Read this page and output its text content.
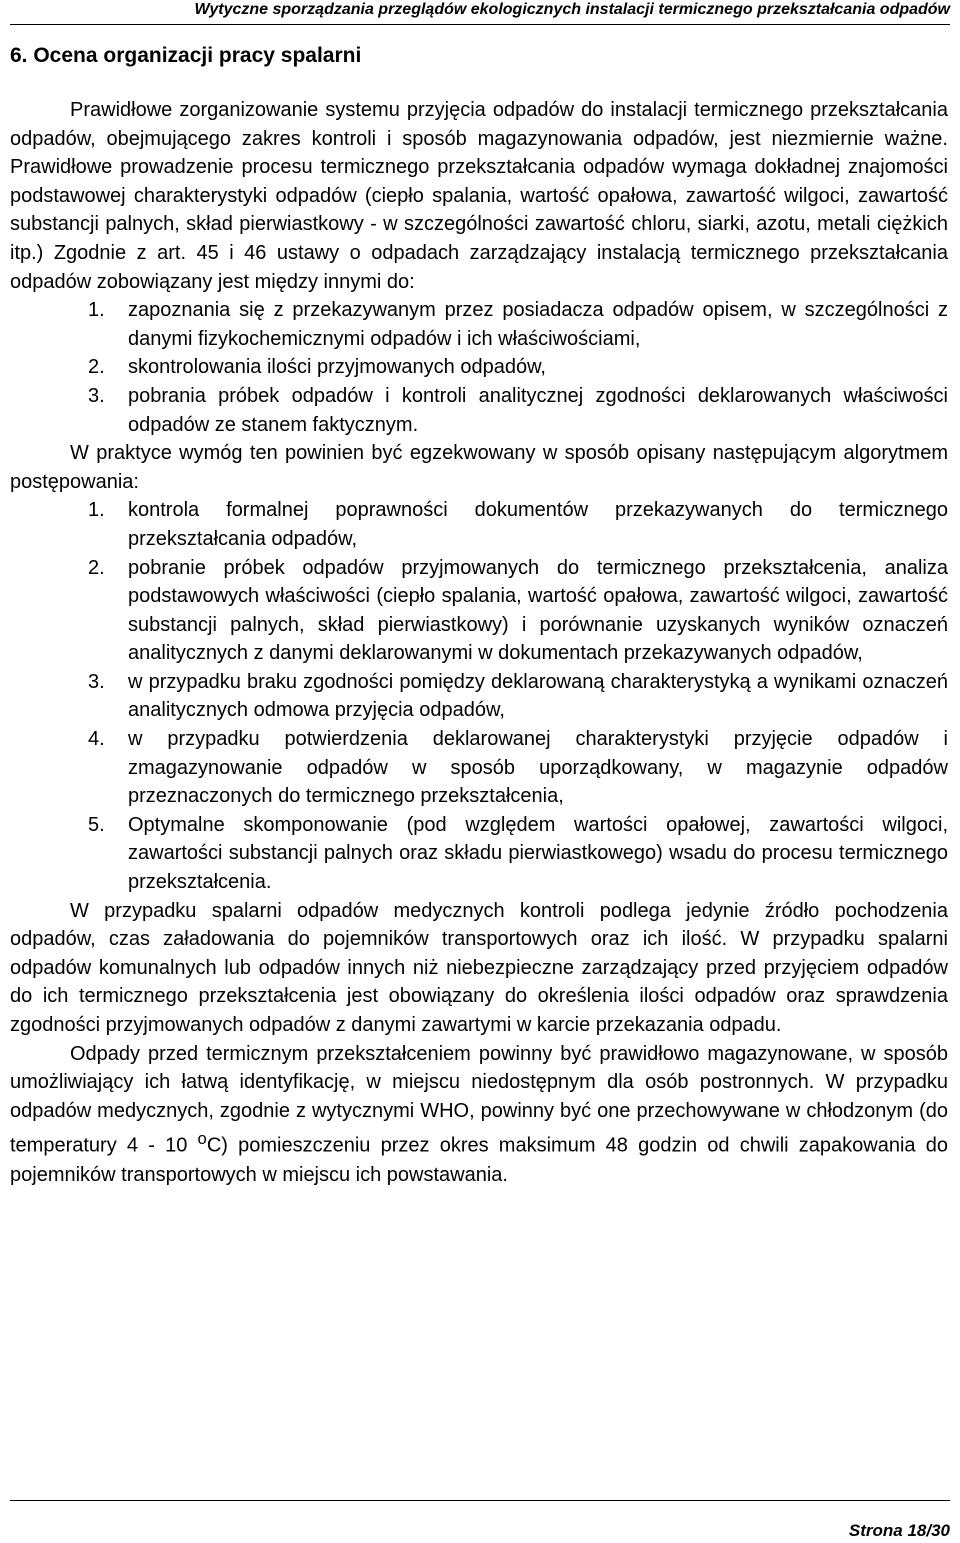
Wytyczne sporządzania przeglądów ekologicznych instalacji termicznego przekształcania odpadów
6. Ocena organizacji pracy spalarni

Prawidłowe zorganizowanie systemu przyjęcia odpadów do instalacji termicznego przekształcania odpadów, obejmującego zakres kontroli i sposób magazynowania odpadów, jest niezmiernie ważne. Prawidłowe prowadzenie procesu termicznego przekształcania odpadów wymaga dokładnej znajomości podstawowej charakterystyki odpadów (ciepło spalania, wartość opałowa, zawartość wilgoci, zawartość substancji palnych, skład pierwiastkowy - w szczególności zawartość chloru, siarki, azotu, metali ciężkich itp.) Zgodnie z art. 45 i 46 ustawy o odpadach zarządzający instalacją termicznego przekształcania odpadów zobowiązany jest między innymi do:

1.	zapoznania się z przekazywanym przez posiadacza odpadów opisem, w szczególności z danymi fizykochemicznymi odpadów i ich właściwościami,
2.	skontrolowania ilości przyjmowanych odpadów,
3.	pobrania próbek odpadów i kontroli analitycznej zgodności deklarowanych właściwości odpadów ze stanem faktycznym.

W praktyce wymóg ten powinien być egzekwowany w sposób opisany następującym algorytmem postępowania:

1.	kontrola formalnej poprawności dokumentów przekazywanych do termicznego przekształcania odpadów,
2.	pobranie próbek odpadów przyjmowanych do termicznego przekształcenia, analiza podstawowych właściwości (ciepło spalania, wartość opałowa, zawartość wilgoci, zawartość substancji palnych, skład pierwiastkowy) i porównanie uzyskanych wyników oznaczeń analitycznych z danymi deklarowanymi w dokumentach przekazywanych odpadów,
3.	w przypadku braku zgodności pomiędzy deklarowaną charakterystyką a wynikami oznaczeń analitycznych odmowa przyjęcia odpadów,
4.	w przypadku potwierdzenia deklarowanej charakterystyki przyjęcie odpadów i zmagazynowanie odpadów w sposób uporządkowany, w magazynie odpadów przeznaczonych do termicznego przekształcenia,
5.	Optymalne skomponowanie (pod względem wartości opałowej, zawartości wilgoci, zawartości substancji palnych oraz składu pierwiastkowego) wsadu do procesu termicznego przekształcenia.

W przypadku spalarni odpadów medycznych kontroli podlega jedynie źródło pochodzenia odpadów, czas załadowania do pojemników transportowych oraz ich ilość. W przypadku spalarni odpadów komunalnych lub odpadów innych niż niebezpieczne zarządzający przed przyjęciem odpadów do ich termicznego przekształcenia jest obowiązany do określenia ilości odpadów oraz sprawdzenia zgodności przyjmowanych odpadów z danymi zawartymi w karcie przekazania odpadu.

Odpady przed termicznym przekształceniem powinny być prawidłowo magazynowane, w sposób umożliwiający ich łatwą identyfikację, w miejscu niedostępnym dla osób postronnych. W przypadku odpadów medycznych, zgodnie z wytycznymi WHO, powinny być one przechowywane w chłodzonym (do temperatury 4 - 10 $^o$C) pomieszczeniu przez okres maksimum 48 godzin od chwili zapakowania do pojemników transportowych w miejscu ich powstawania.

Strona 18/30
